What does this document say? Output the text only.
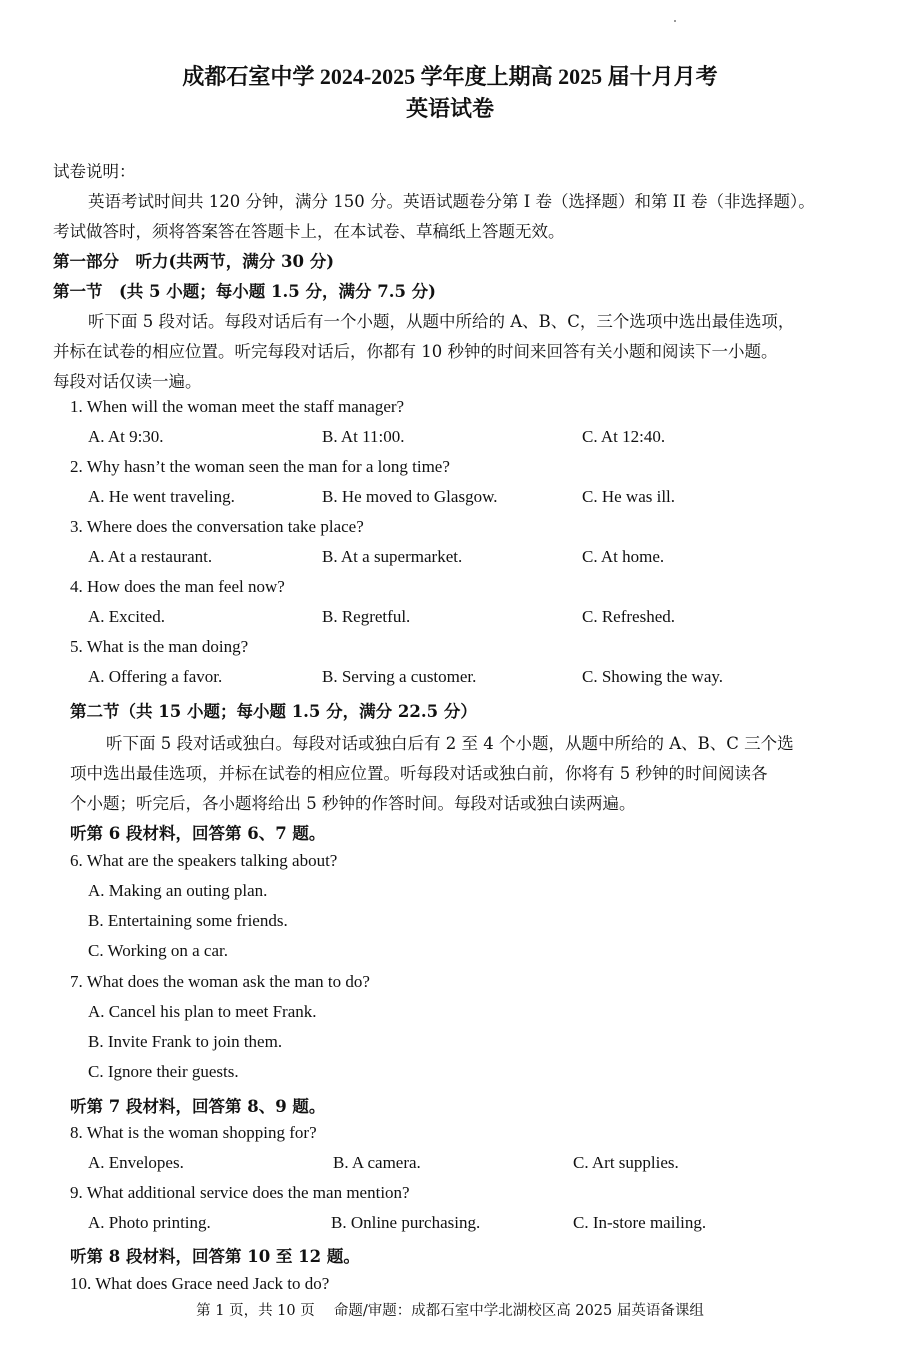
成都石室中学 2024-2025 学年度上期高 2025 届十月月考
英语试卷
试卷说明：
英语考试时间共 120 分钟，满分 150 分。英语试题卷分第 I 卷（选择题）和第 II 卷（非选择题）。
考试做答时，须将答案答在答题卡上，在本试卷、草稿纸上答题无效。
第一部分　听力(共两节，满分 30 分)
第一节　(共 5 小题；每小题 1.5 分，满分 7.5 分)
听下面 5 段对话。每段对话后有一个小题，从题中所给的 A、B、C，三个选项中选出最佳选项，
并标在试卷的相应位置。听完每段对话后，你都有 10 秒钟的时间来回答有关小题和阅读下一小题。
每段对话仅读一遍。
1. When will the woman meet the staff manager?
A. At 9:30.	B. At 11:00.	C. At 12:40.
2. Why hasn’t the woman seen the man for a long time?
A. He went traveling.	B. He moved to Glasgow.	C. He was ill.
3. Where does the conversation take place?
A. At a restaurant.	B. At a supermarket.	C. At home.
4. How does the man feel now?
A. Excited.	B. Regretful.	C. Refreshed.
5. What is the man doing?
A. Offering a favor.	B. Serving a customer.	C. Showing the way.
第二节（共 15 小题；每小题 1.5 分，满分 22.5 分）
听下面 5 段对话或独白。每段对话或独白后有 2 至 4 个小题，从题中所给的 A、B、C 三个选
项中选出最佳选项，并标在试卷的相应位置。听每段对话或独白前，你将有 5 秒钟的时间阅读各
个小题；听完后，各小题将给出 5 秒钟的作答时间。每段对话或独白读两遍。
听第 6 段材料，回答第 6、7 题。
6. What are the speakers talking about?
A. Making an outing plan.
B. Entertaining some friends.
C. Working on a car.
7. What does the woman ask the man to do?
A. Cancel his plan to meet Frank.
B. Invite Frank to join them.
C. Ignore their guests.
听第 7 段材料，回答第 8、9 题。
8. What is the woman shopping for?
A. Envelopes.	B. A camera.	C. Art supplies.
9. What additional service does the man mention?
A. Photo printing.	B. Online purchasing.	C. In-store mailing.
听第 8 段材料，回答第 10 至 12 题。
10. What does Grace need Jack to do?
第 1 页，共 10 页　 命题/审题：成都石室中学北湖校区高 2025 届英语备课组
